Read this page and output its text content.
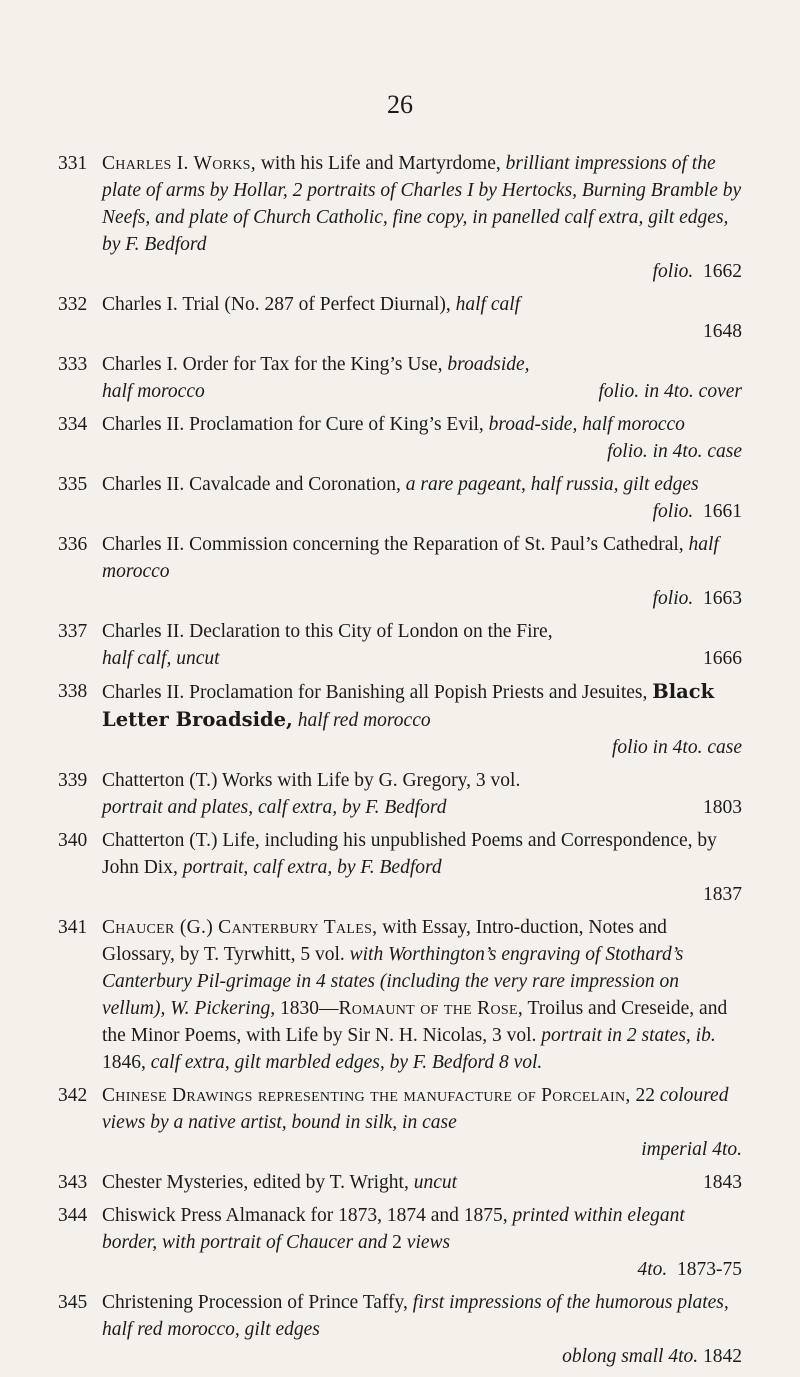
26
331 Charles I. Works, with his Life and Martyrdome, brilliant impressions of the plate of arms by Hollar, 2 portraits of Charles I by Hertocks, Burning Bramble by Neefs, and plate of Church Catholic, fine copy, in panelled calf extra, gilt edges, by F. Bedford
folio. 1662
332 Charles I. Trial (No. 287 of Perfect Diurnal), half calf
1648
333 Charles I. Order for Tax for the King’s Use, broadside,
half morocco	folio. in 4to. cover
334 Charles II. Proclamation for Cure of King’s Evil, broad-side, half morocco
folio. in 4to. case
335 Charles II. Cavalcade and Coronation, a rare pageant, half russia, gilt edges
folio. 1661
336 Charles II. Commission concerning the Reparation of St. Paul’s Cathedral, half morocco
folio. 1663
337 Charles II. Declaration to this City of London on the Fire,
half calf, uncut	1666
338 Charles II. Proclamation for Banishing all Popish Priests and Jesuites, Black Letter Broadside, half red morocco
folio in 4to. case
339 Chatterton (T.) Works with Life by G. Gregory, 3 vol.
portrait and plates, calf extra, by F. Bedford	1803
340 Chatterton (T.) Life, including his unpublished Poems and Correspondence, by John Dix, portrait, calf extra, by F. Bedford
1837
341 Chaucer (G.) Canterbury Tales, with Essay, Intro-duction, Notes and Glossary, by T. Tyrwhitt, 5 vol. with Worthington’s engraving of Stothard’s Canterbury Pil-grimage in 4 states (including the very rare impression on vellum), W. Pickering, 1830—Romaunt of the Rose, Troilus and Creseide, and the Minor Poems, with Life by Sir N. H. Nicolas, 3 vol. portrait in 2 states, ib. 1846, calf extra, gilt marbled edges, by F. Bedford 8 vol.
342 Chinese Drawings representing the manufacture of Porcelain, 22 coloured views by a native artist, bound in silk, in case
imperial 4to.
343 Chester Mysteries, edited by T. Wright, uncut	1843
344 Chiswick Press Almanack for 1873, 1874 and 1875, printed within elegant border, with portrait of Chaucer and 2 views
4to. 1873-75
345 Christening Procession of Prince Taffy, first impressions of the humorous plates, half red morocco, gilt edges
oblong small 4to. 1842
